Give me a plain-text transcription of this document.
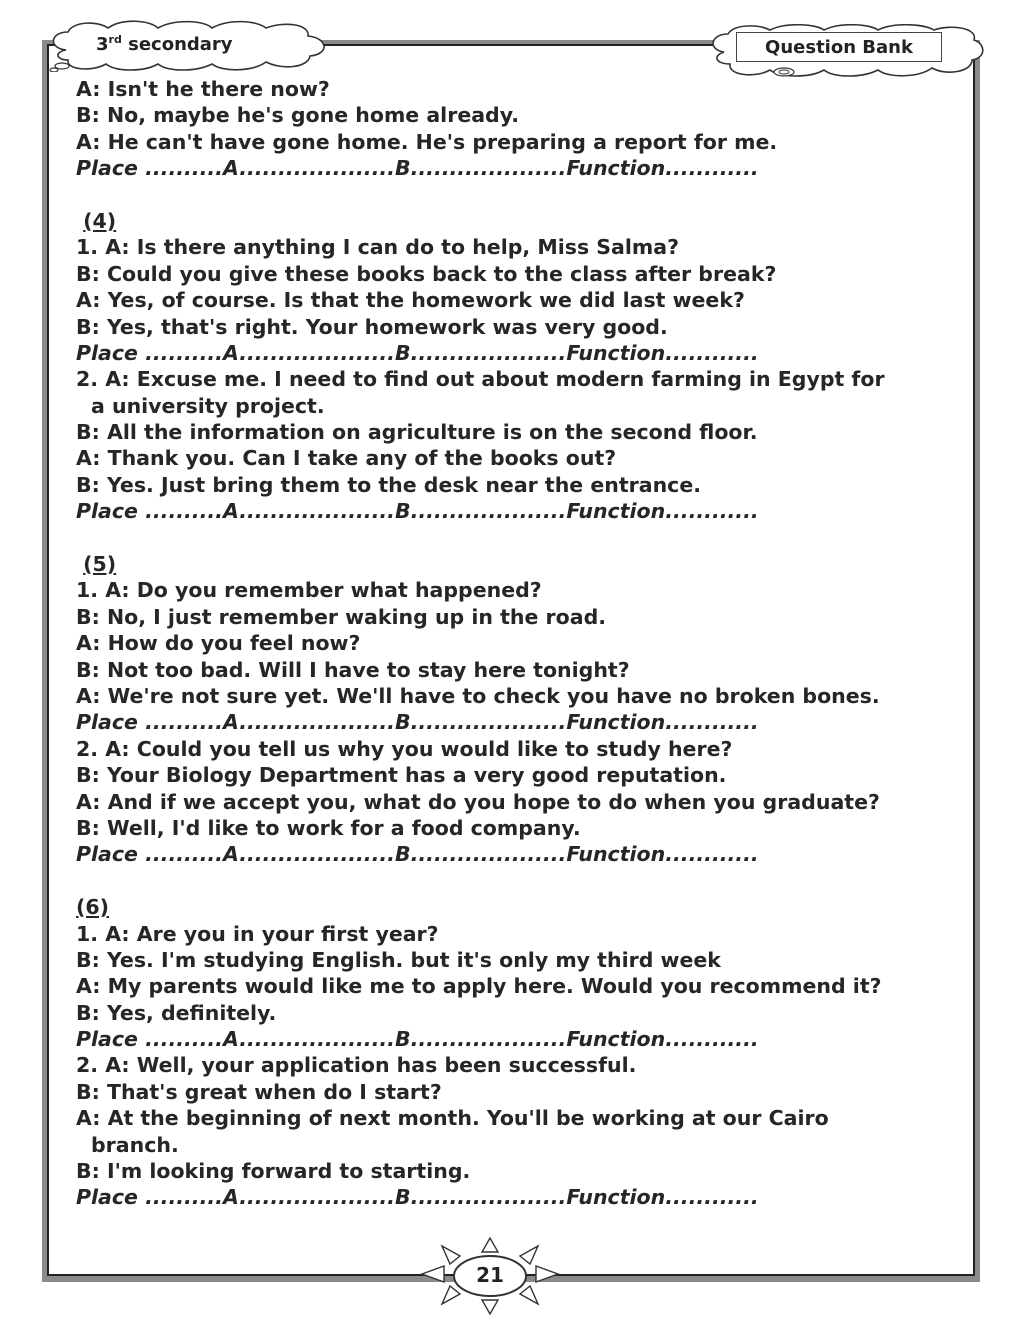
3rd secondary	Question Bank
A: Isn't he there now?
B: No, maybe he's gone home already.
A: He can't have gone home. He's preparing a report for me.
Place ..........A....................B....................Function............
(4)
1. A: Is there anything I can do to help, Miss Salma?
B: Could you give these books back to the class after break?
A: Yes, of course. Is that the homework we did last week?
B: Yes, that's right. Your homework was very good.
Place ..........A....................B....................Function............
2. A: Excuse me. I need to find out about modern farming in Egypt for
a university project.
B: All the information on agriculture is on the second floor.
A: Thank you. Can I take any of the books out?
B: Yes. Just bring them to the desk near the entrance.
Place ..........A....................B....................Function............
(5)
1. A: Do you remember what happened?
B: No, I just remember waking up in the road.
A: How do you feel now?
B: Not too bad. Will I have to stay here tonight?
A: We're not sure yet. We'll have to check you have no broken bones.
Place ..........A....................B....................Function............
2. A: Could you tell us why you would like to study here?
B: Your Biology Department has a very good reputation.
A: And if we accept you, what do you hope to do when you graduate?
B: Well, I'd like to work for a food company.
Place ..........A....................B....................Function............
(6)
1. A: Are you in your first year?
B: Yes. I'm studying English. but it's only my third week
A: My parents would like me to apply here. Would you recommend it?
B: Yes, definitely.
Place ..........A....................B....................Function............
2. A: Well, your application has been successful.
B: That's great when do I start?
A: At the beginning of next month. You'll be working at our Cairo
branch.
B: I'm looking forward to starting.
Place ..........A....................B....................Function............
21
